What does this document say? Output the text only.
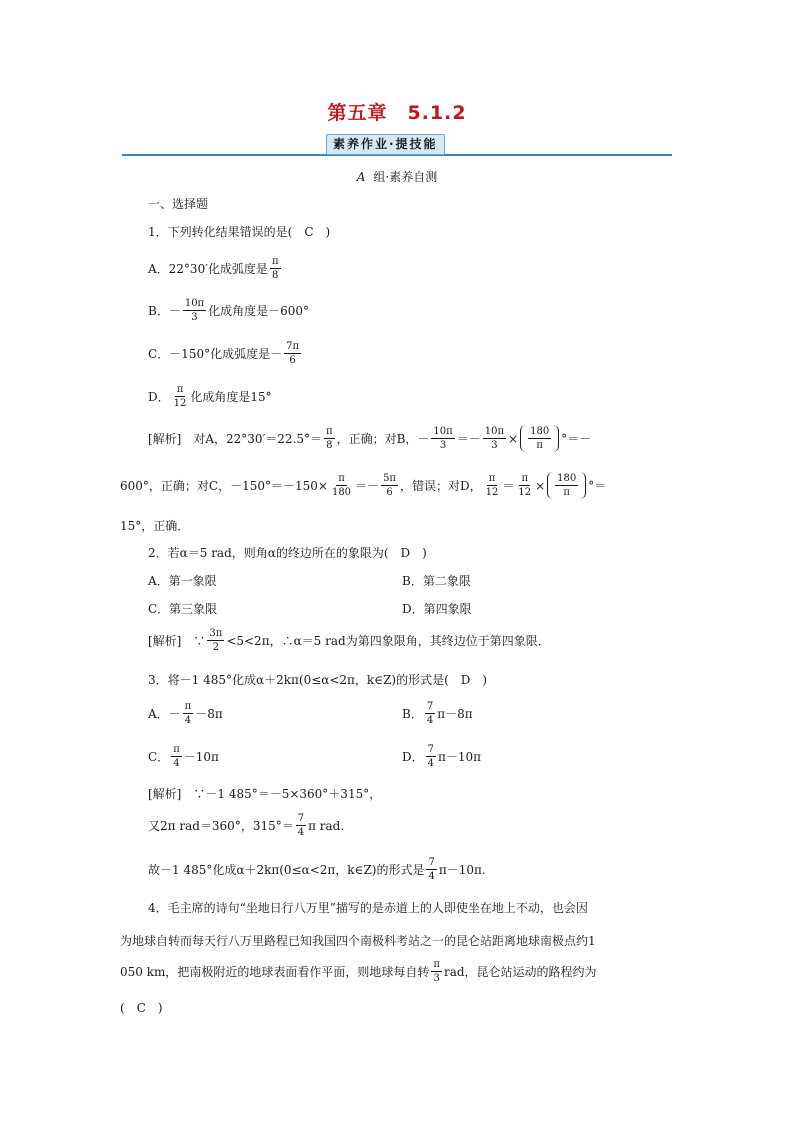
第五章　5.1.2
素养作业·提技能
A 组·素养自测
一、选择题
1．下列转化结果错误的是(　C　)
A．22°30′化成弧度是 $\frac{\pi}{8}$
B．－ $\frac{10\pi}{3}$ 化成角度是－600°
C．－150°化成弧度是－ $\frac{7\pi}{6}$
D． $\frac{\pi}{12}$ 化成角度是15°
[解析]　对A，$22^\circ 30'=22.5^\circ= \frac{\pi}{8}$ ，正确；对B，－ $\frac{10\pi}{3} =- \frac{10\pi}{3} \times \frac{180}{\pi}$ °＝－
600°，正确；对C，$-150^\circ=-150\times \frac{\pi}{180} =- \frac{5\pi}{6}$ ，错误；对D， $\frac{\pi}{12} = \frac{\pi}{12} \times \frac{180}{\pi}$ °＝
15°，正确．
2．若α＝5 rad，则角α的终边所在的象限为(　D　)
A．第一象限	B．第二象限
C．第三象限	D．第四象限
[解析]　∵ $\frac{3\pi}{2} <5<2\pi$，∴α＝5 rad为第四象限角，其终边位于第四象限．
3．将－1 485°化成α＋2kπ(0≤α<2π，k∈Z)的形式是(　D　)
A．－ $\frac{\pi}{4} -8\pi$	B． $\frac{7}{4} \pi-8\pi$
C． $\frac{\pi}{4} -10\pi$	D． $\frac{7}{4} \pi-10\pi$
[解析]　∵－1 485°＝－5×360°＋315°，
又2π rad＝360°，$315^\circ= \frac{7}{4}$ π rad.
故－1 485°化成α＋2kπ(0≤α<2π，k∈Z)的形式是 $\frac{7}{4} \pi-10\pi$.
4．毛主席的诗句“坐地日行八万里”描写的是赤道上的人即使坐在地上不动，也会因
为地球自转而每天行八万里路程已知我国四个南极科考站之一的昆仑站距离地球南极点约1
050 km，把南极附近的地球表面看作平面，则地球每自转 $\frac{\pi}{3}$ rad，昆仑站运动的路程约为
(　C　)
